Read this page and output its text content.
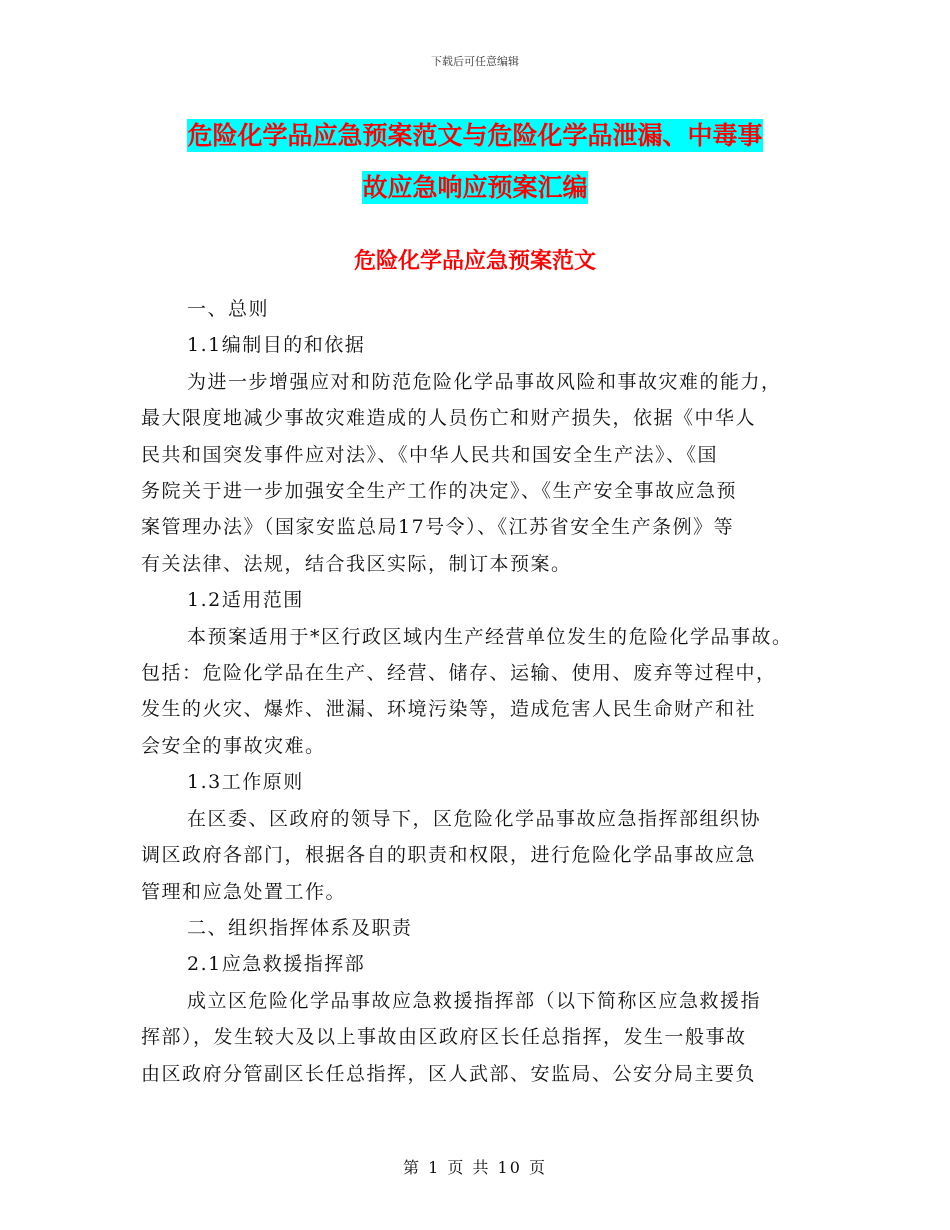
下载后可任意编辑
危险化学品应急预案范文与危险化学品泄漏、中毒事
故应急响应预案汇编
危险化学品应急预案范文

一、总则

1.1编制目的和依据

为进一步增强应对和防范危险化学品事故风险和事故灾难的能力，

最大限度地减少事故灾难造成的人员伤亡和财产损失，依据《中华人

民共和国突发事件应对法》、《中华人民共和国安全生产法》、《国

务院关于进一步加强安全生产工作的决定》、《生产安全事故应急预

案管理办法》（国家安监总局17号令）、《江苏省安全生产条例》等

有关法律、法规，结合我区实际，制订本预案。

1.2适用范围

本预案适用于*区行政区域内生产经营单位发生的危险化学品事故。

包括：危险化学品在生产、经营、储存、运输、使用、废弃等过程中，

发生的火灾、爆炸、泄漏、环境污染等，造成危害人民生命财产和社

会安全的事故灾难。

1.3工作原则

在区委、区政府的领导下，区危险化学品事故应急指挥部组织协

调区政府各部门，根据各自的职责和权限，进行危险化学品事故应急

管理和应急处置工作。

二、组织指挥体系及职责

2.1应急救援指挥部

成立区危险化学品事故应急救援指挥部（以下简称区应急救援指

挥部），发生较大及以上事故由区政府区长任总指挥，发生一般事故

由区政府分管副区长任总指挥，区人武部、安监局、公安分局主要负

第 1 页 共 10 页
